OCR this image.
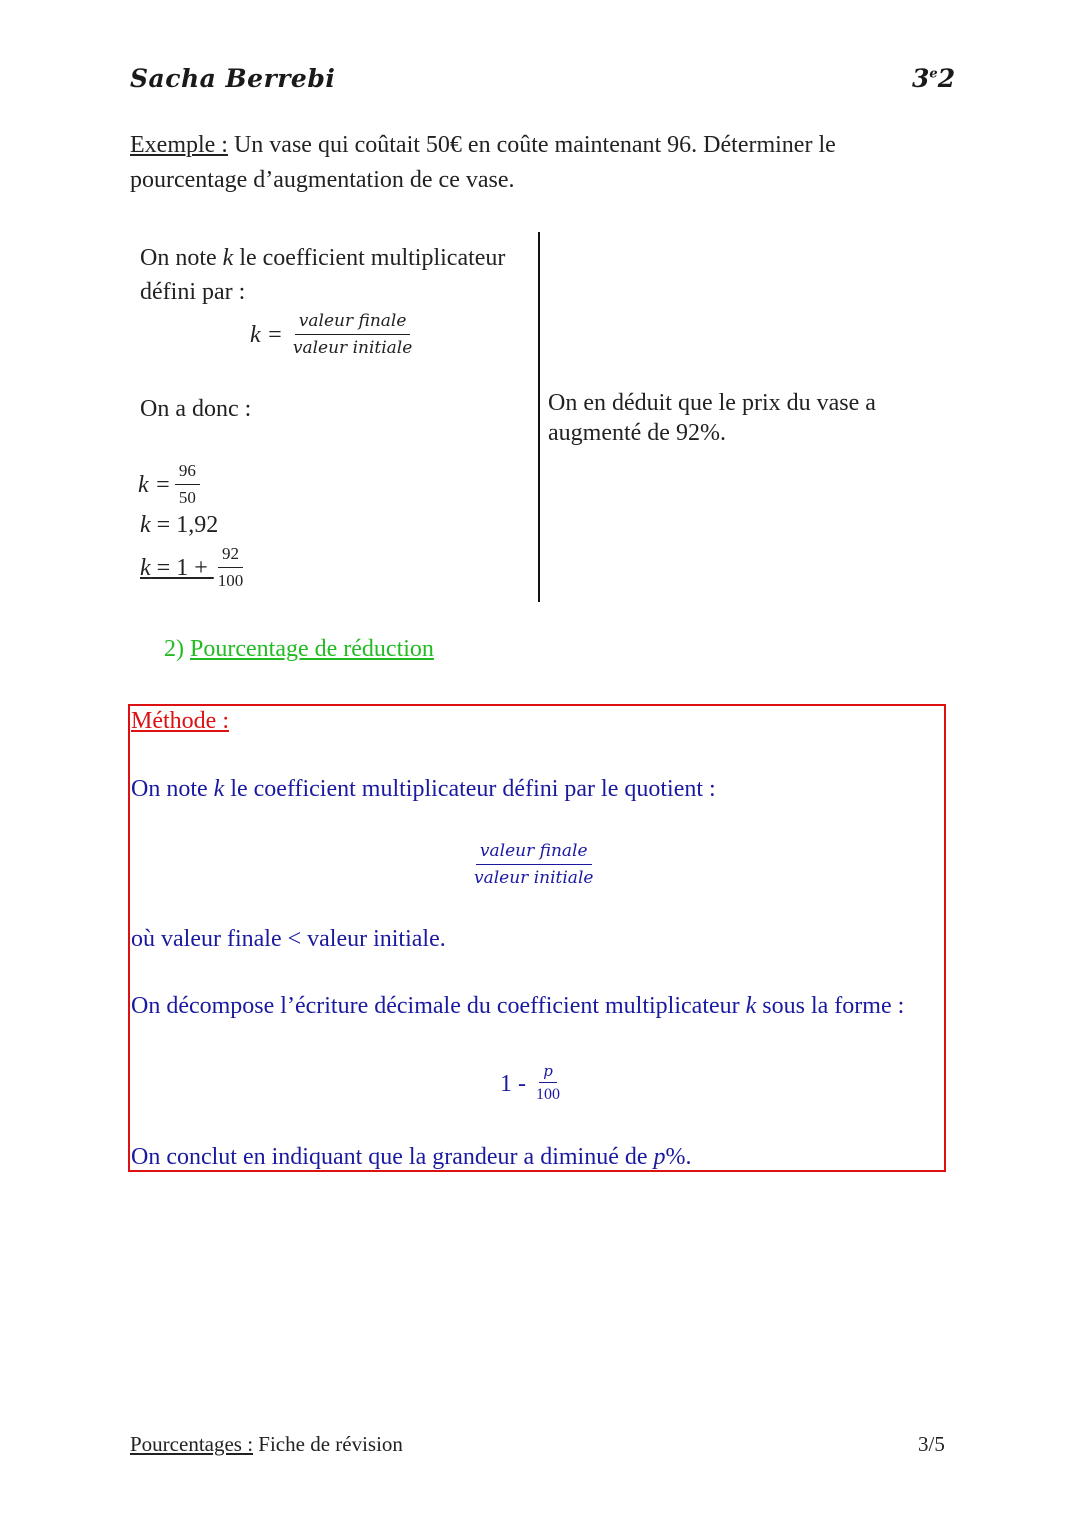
Sacha Berrebi	3e2
Exemple : Un vase qui coûtait 50€ en coûte maintenant 96. Déterminer le pourcentage d’augmentation de ce vase.
On note k le coefficient multiplicateur
défini par :
$k = \frac{\text{valeur finale}}{\text{valeur initiale}}$
On a donc :
$k = \frac{96}{50}$
k = 1,92
$k = 1 + \frac{92}{100}$
On en déduit que le prix du vase a augmenté de 92%.
2) Pourcentage de réduction
Méthode :
On note k le coefficient multiplicateur défini par le quotient :
$\frac{\text{valeur finale}}{\text{valeur initiale}}$
où valeur finale < valeur initiale.
On décompose l’écriture décimale du coefficient multiplicateur k sous la forme :
$1 - \frac{p}{100}$
On conclut en indiquant que la grandeur a diminué de p%.
Pourcentages : Fiche de révision	3/5
